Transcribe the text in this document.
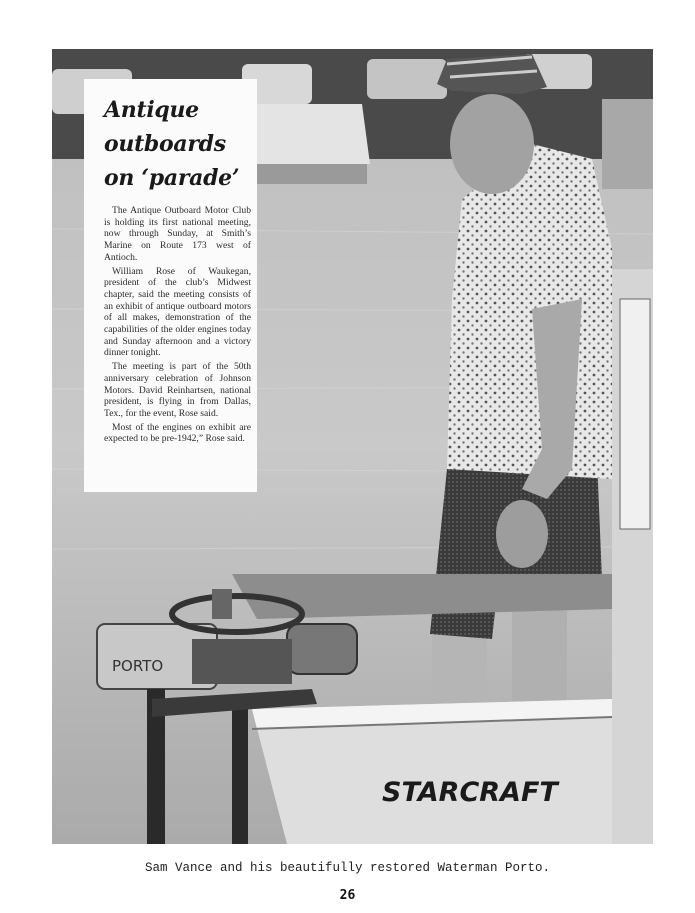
STARCRAFT
PORTO
Antique
outboards
on ‘parade’

The Antique Outboard Motor Club is holding its first national meeting, now through Sunday, at Smith’s Marine on Route 173 west of Antioch.

William Rose of Waukegan, president of the club’s Midwest chapter, said the meeting consists of an exhibit of antique outboard motors of all makes, demonstration of the capabilities of the older engines today and Sunday afternoon and a victory dinner tonight.

The meeting is part of the 50th anniversary celebration of Johnson Motors. David Reinhartsen, national president, is flying in from Dallas, Tex., for the event, Rose said.

Most of the engines on exhibit are expected to be pre-1942,” Rose said.

Sam Vance and his beautifully restored Waterman Porto.
26
